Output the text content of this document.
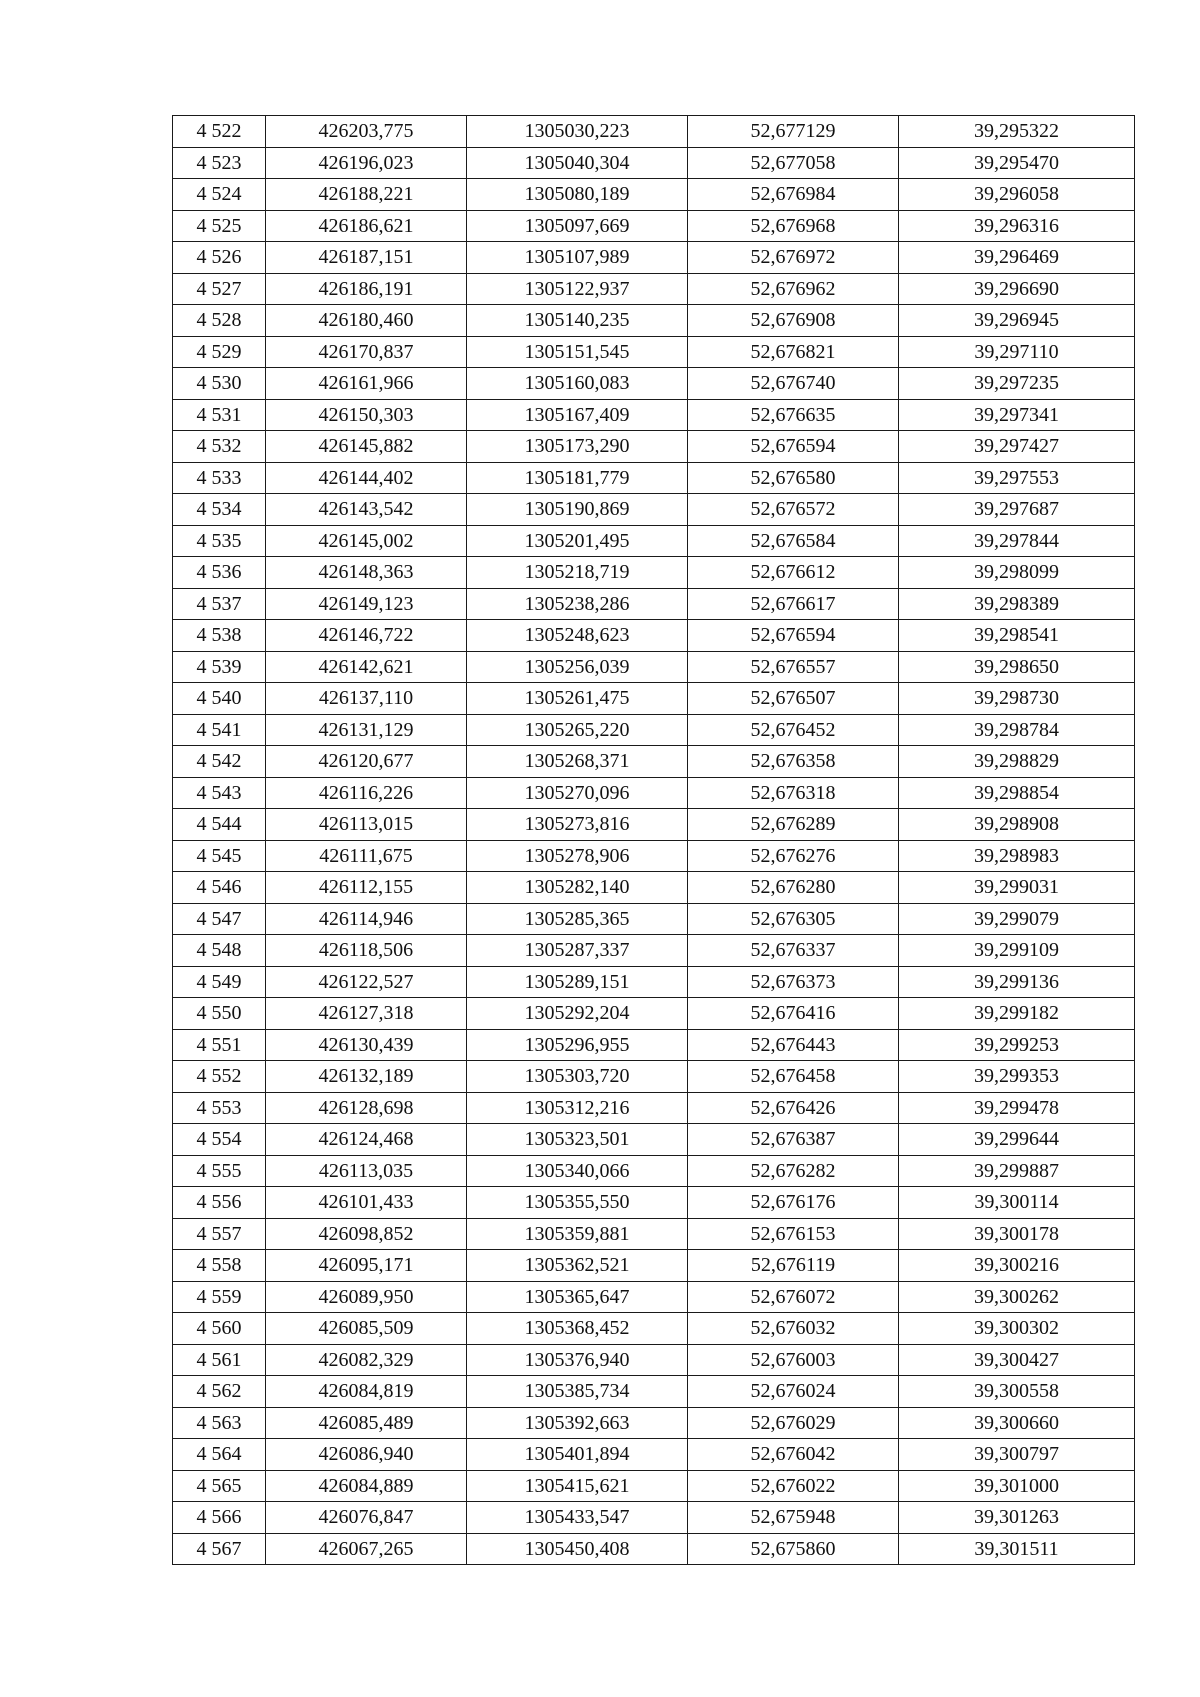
4 522	426203,775	1305030,223	52,677129	39,295322
4 523	426196,023	1305040,304	52,677058	39,295470
4 524	426188,221	1305080,189	52,676984	39,296058
4 525	426186,621	1305097,669	52,676968	39,296316
4 526	426187,151	1305107,989	52,676972	39,296469
4 527	426186,191	1305122,937	52,676962	39,296690
4 528	426180,460	1305140,235	52,676908	39,296945
4 529	426170,837	1305151,545	52,676821	39,297110
4 530	426161,966	1305160,083	52,676740	39,297235
4 531	426150,303	1305167,409	52,676635	39,297341
4 532	426145,882	1305173,290	52,676594	39,297427
4 533	426144,402	1305181,779	52,676580	39,297553
4 534	426143,542	1305190,869	52,676572	39,297687
4 535	426145,002	1305201,495	52,676584	39,297844
4 536	426148,363	1305218,719	52,676612	39,298099
4 537	426149,123	1305238,286	52,676617	39,298389
4 538	426146,722	1305248,623	52,676594	39,298541
4 539	426142,621	1305256,039	52,676557	39,298650
4 540	426137,110	1305261,475	52,676507	39,298730
4 541	426131,129	1305265,220	52,676452	39,298784
4 542	426120,677	1305268,371	52,676358	39,298829
4 543	426116,226	1305270,096	52,676318	39,298854
4 544	426113,015	1305273,816	52,676289	39,298908
4 545	426111,675	1305278,906	52,676276	39,298983
4 546	426112,155	1305282,140	52,676280	39,299031
4 547	426114,946	1305285,365	52,676305	39,299079
4 548	426118,506	1305287,337	52,676337	39,299109
4 549	426122,527	1305289,151	52,676373	39,299136
4 550	426127,318	1305292,204	52,676416	39,299182
4 551	426130,439	1305296,955	52,676443	39,299253
4 552	426132,189	1305303,720	52,676458	39,299353
4 553	426128,698	1305312,216	52,676426	39,299478
4 554	426124,468	1305323,501	52,676387	39,299644
4 555	426113,035	1305340,066	52,676282	39,299887
4 556	426101,433	1305355,550	52,676176	39,300114
4 557	426098,852	1305359,881	52,676153	39,300178
4 558	426095,171	1305362,521	52,676119	39,300216
4 559	426089,950	1305365,647	52,676072	39,300262
4 560	426085,509	1305368,452	52,676032	39,300302
4 561	426082,329	1305376,940	52,676003	39,300427
4 562	426084,819	1305385,734	52,676024	39,300558
4 563	426085,489	1305392,663	52,676029	39,300660
4 564	426086,940	1305401,894	52,676042	39,300797
4 565	426084,889	1305415,621	52,676022	39,301000
4 566	426076,847	1305433,547	52,675948	39,301263
4 567	426067,265	1305450,408	52,675860	39,301511
